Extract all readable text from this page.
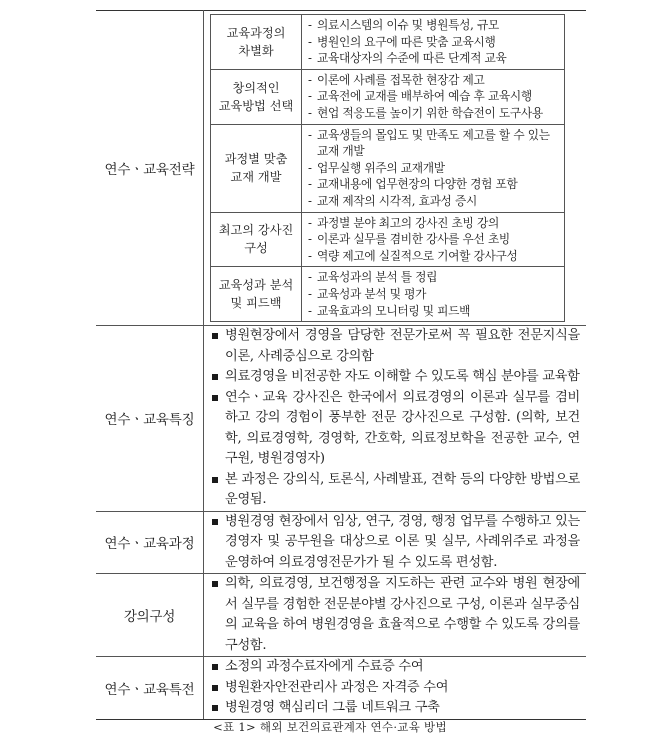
연수ㆍ교육전략	
교육과정의
차별화

- 의료시스템의 이슈 및 병원특성, 규모
- 병원인의 요구에 따른 맞춤 교육시행
- 교육대상자의 수준에 따른 단계적 교육

창의적인
교육방법 선택

- 이론에 사례를 접목한 현장감 제고
- 교육전에 교재를 배부하여 예습 후 교육시행
- 현업 적응도를 높이기 위한 학습전이 도구사용

과정별 맞춤
교재 개발

- 교육생들의 몰입도 및 만족도 제고를 할 수 있는 교재 개발
- 업무실행 위주의 교재개발
- 교재내용에 업무현장의 다양한 경험 포함
- 교재 제작의 시각적, 효과성 증시

최고의 강사진
구성

- 과정별 분야 최고의 강사진 초빙 강의
- 이론과 실무를 겸비한 강사를 우선 초빙
- 역량 제고에 실질적으로 기여할 강사구성

교육성과 분석
및 피드백

- 교육성과의 분석 틀 정립
- 교육성과 분석 및 평가
- 교육효과의 모니터링 및 피드백

연수ㆍ교육특징	
병원현장에서 경영을 담당한 전문가로써 꼭 필요한 전문지식을 이론, 사례중심으로 강의함
의료경영을 비전공한 자도 이해할 수 있도록 핵심 분야를 교육함
연수ㆍ교육 강사진은 한국에서 의료경영의 이론과 실무를 겸비하고 강의 경험이 풍부한 전문 강사진으로 구성함. (의학, 보건학, 의료경영학, 경영학, 간호학, 의료정보학을 전공한 교수, 연구원, 병원경영자)
본 과정은 강의식, 토론식, 사례발표, 견학 등의 다양한 방법으로 운영됨.

연수ㆍ교육과정	
병원경영 현장에서 임상, 연구, 경영, 행정 업무를 수행하고 있는 경영자 및 공무원을 대상으로 이론 및 실무, 사례위주로 과정을 운영하여 의료경영전문가가 될 수 있도록 편성함.

강의구성	
의학, 의료경영, 보건행정을 지도하는 관련 교수와 병원 현장에서 실무를 경험한 전문분야별 강사진으로 구성, 이론과 실무중심의 교육을 하여 병원경영을 효율적으로 수행할 수 있도록 강의를 구성함.

연수ㆍ교육특전	
소정의 과정수료자에게 수료증 수여
병원환자안전관리사 과정은 자격증 수여
병원경영 핵심리더 그룹 네트워크 구축
<표 1> 해외 보건의료관계자 연수·교육 방법
